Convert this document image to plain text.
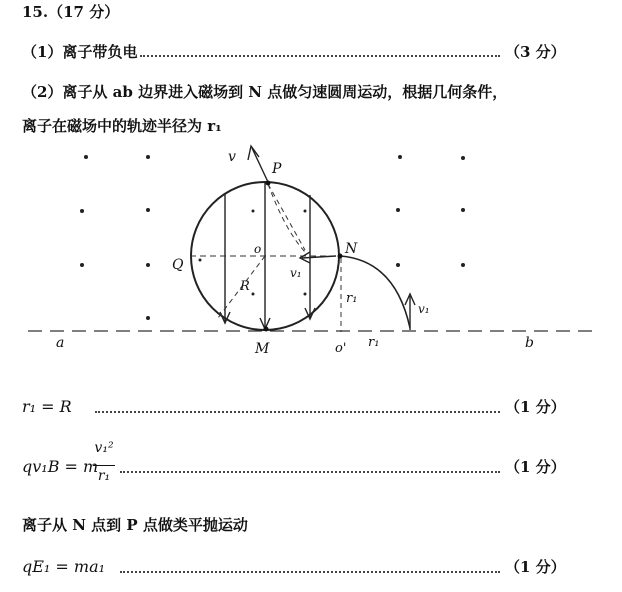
15.（17 分）
（1）离子带负电	（3 分）
（2）离子从 ab 边界进入磁场到 N 点做匀速圆周运动，根据几何条件，
离子在磁场中的轨迹半径为 r₁
v
P
Q
o
v₁
N
R
r₁
v₁
a	M	o' r₁	b
r₁ = R	（1 分）
qv₁B = m
v₁²
r₁	（1 分）
离子从 N 点到 P 点做类平抛运动
qE₁ = ma₁	（1 分）
